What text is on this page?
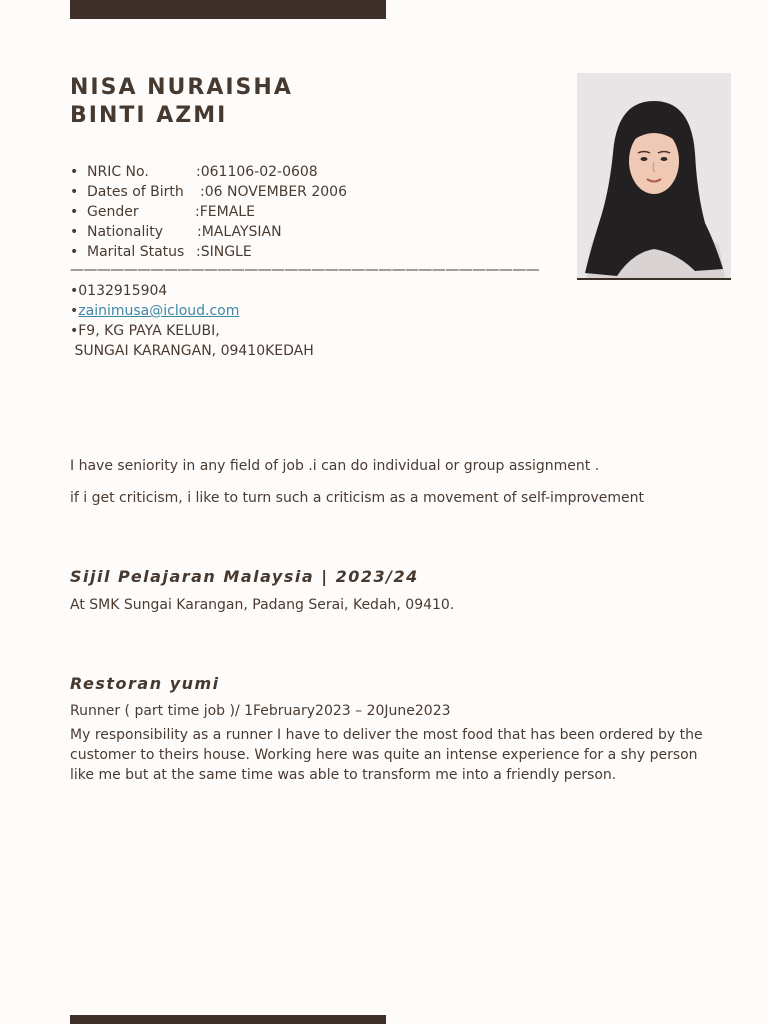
NISA NURAISHA
BINTI AZMI
• NRIC No.	:061106-02-0608
• Dates of Birth :06 NOVEMBER 2006
• Gender	:FEMALE
• Nationality :MALAYSIAN
• Marital Status :SINGLE
———————————————————————————————————
•0132915904
•zainimusa@icloud.com
•F9, KG PAYA KELUBI,
SUNGAI KARANGAN, 09410KEDAH

I have seniority in any field of job .i can do individual or group assignment .

if i get criticism, i like to turn such a criticism as a movement of self-improvement

Sijil Pelajaran Malaysia | 2023/24
At SMK Sungai Karangan, Padang Serai, Kedah, 09410.
Restoran yumi
Runner ( part time job )/ 1February2023 – 20June2023

My responsibility as a runner I have to deliver the most food that has been ordered by the customer to theirs house. Working here was quite an intense experience for a shy person like me but at the same time was able to transform me into a friendly person.
